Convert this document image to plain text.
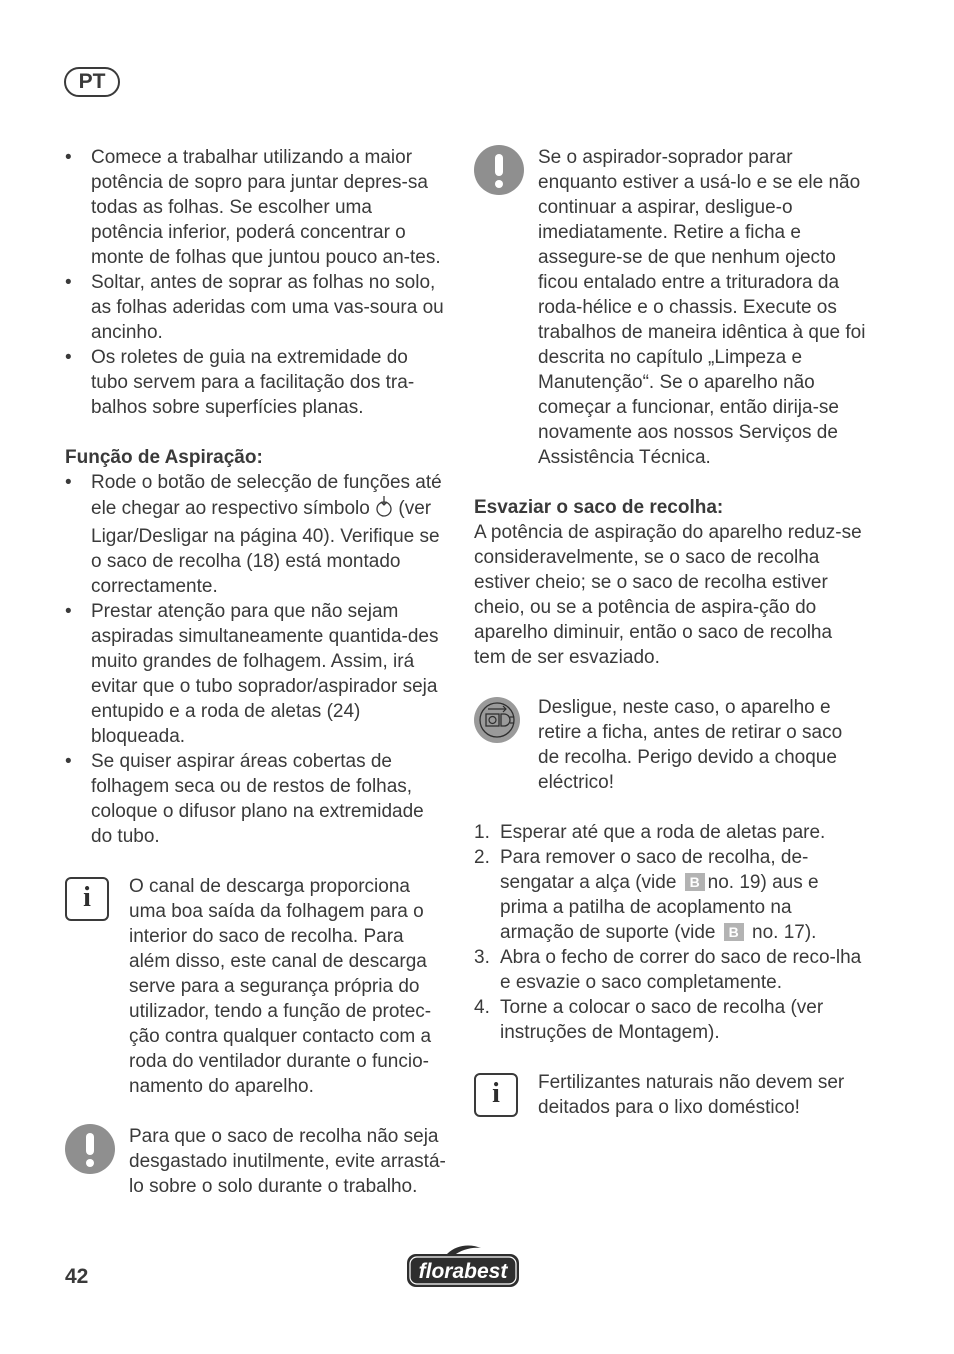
PT
• Comece a trabalhar utilizando a maior potência de sopro para juntar depres-sa todas as folhas. Se escolher uma potência inferior, poderá concentrar o monte de folhas que juntou pouco an-tes.
• Soltar, antes de soprar as folhas no solo, as folhas aderidas com uma vas-soura ou ancinho.
• Os roletes de guia na extremidade do tubo servem para a facilitação dos tra-balhos sobre superfícies planas.

Função de Aspiração:

• Rode o botão de selecção de funções até ele chegar ao respectivo símbolo (ver Ligar/Desligar na página 40). Verifique se o saco de recolha (18) está montado correctamente.
• Prestar atenção para que não sejam aspiradas simultaneamente quantida-des muito grandes de folhagem. Assim, irá evitar que o tubo soprador/aspirador seja entupido e a roda de aletas (24) bloqueada.
• Se quiser aspirar áreas cobertas de folhagem seca ou de restos de folhas, coloque o difusor plano na extremidade do tubo.
i	O canal de descarga proporciona uma boa saída da folhagem para o interior do saco de recolha. Para além disso, este canal de descarga serve para a segurança própria do utilizador, tendo a função de protec-ção contra qualquer contacto com a roda do ventilador durante o funcio-namento do aparelho.

Para que o saco de recolha não seja desgastado inutilmente, evite arrastá-lo sobre o solo durante o trabalho.

Se o aspirador-soprador parar enquanto estiver a usá-lo e se ele não continuar a aspirar, desligue-o imediatamente. Retire a ficha e assegure-se de que nenhum ojecto ficou entalado entre a trituradora da roda-hélice e o chassis. Execute os trabalhos de maneira idêntica à que foi descrita no capítulo „Limpeza e Manutenção“. Se o aparelho não começar a funcionar, então dirija-se novamente aos nossos Serviços de Assistência Técnica.

Esvaziar o saco de recolha:

A potência de aspiração do aparelho reduz-se consideravelmente, se o saco de recolha estiver cheio; se o saco de recolha estiver cheio, ou se a potência de aspira-ção do aparelho diminuir, então o saco de recolha tem de ser esvaziado.

Desligue, neste caso, o aparelho e retire a ficha, antes de retirar o saco de recolha. Perigo devido a choque eléctrico!

1. Esperar até que a roda de aletas pare.
2. Para remover o saco de recolha, de-sengatar a alça (vide B no. 19) aus e prima a patilha de acoplamento na armação de suporte (vide B no. 17).
3. Abra o fecho de correr do saco de reco-lha e esvazie o saco completamente.
4. Torne a colocar o saco de recolha (ver instruções de Montagem).
i	Fertilizantes naturais não devem ser deitados para o lixo doméstico!

42	florabest
